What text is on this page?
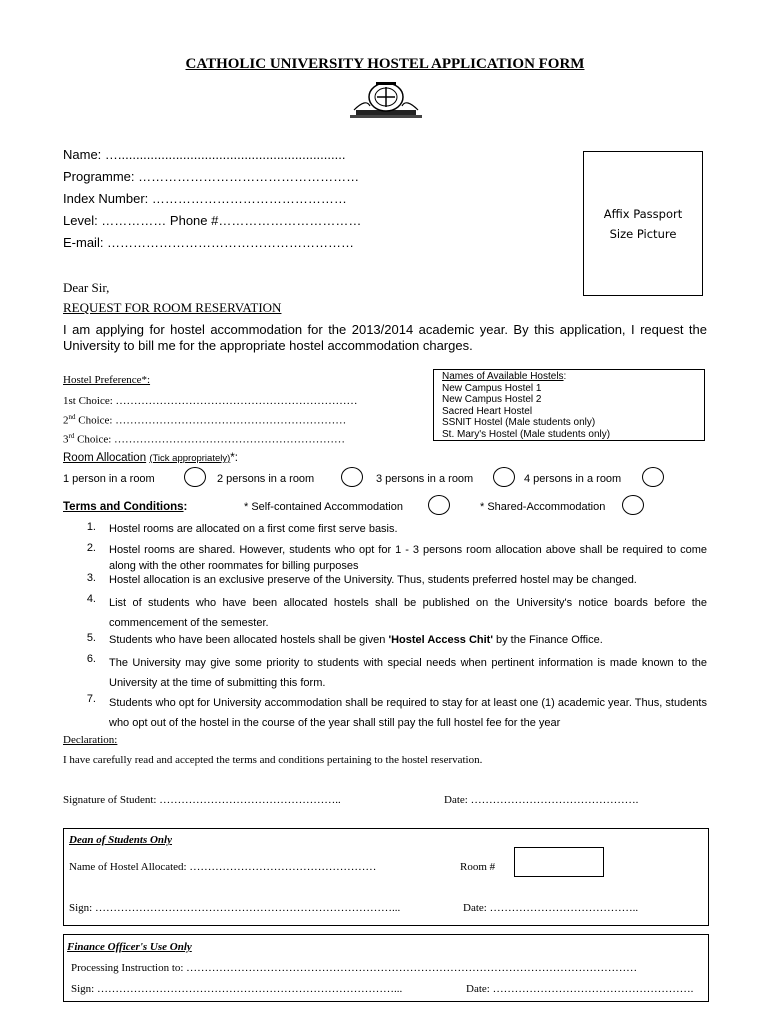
CATHOLIC UNIVERSITY HOSTEL APPLICATION FORM
Name: …...............................................................
Programme: ……………………………………………
Index Number: ………………………………………
Level: …………… Phone #……………………………
E-mail: …………………………………………………
Affix Passport
Size Picture
Dear Sir,
REQUEST FOR ROOM RESERVATION
I am applying for hostel accommodation for the 2013/2014 academic year. By this application, I request the University to bill me for the appropriate hostel accommodation charges.
Hostel Preference*:
1st Choice: …………………………………………………………
2nd Choice: ………………………………………………………
3rd Choice: ………………………………………………………
Names of Available Hostels:
New Campus Hostel 1
New Campus Hostel 2
Sacred Heart Hostel
SSNIT Hostel (Male students only)
St. Mary's Hostel (Male students only)
Room Allocation (Tick appropriately)*:
1 person in a room	2 persons in a room	3 persons in a room	4 persons in a room
Terms and Conditions:	* Self-contained Accommodation	* Shared-Accommodation
1. Hostel rooms are allocated on a first come first serve basis.
2. Hostel rooms are shared. However, students who opt for 1 - 3 persons room allocation above shall be required to come along with the other roommates for billing purposes
3. Hostel allocation is an exclusive preserve of the University. Thus, students preferred hostel may be changed.
4. List of students who have been allocated hostels shall be published on the University's notice boards before the commencement of the semester.
5. Students who have been allocated hostels shall be given 'Hostel Access Chit' by the Finance Office.
6. The University may give some priority to students with special needs when pertinent information is made known to the University at the time of submitting this form.
7. Students who opt for University accommodation shall be required to stay for at least one (1) academic year. Thus, students who opt out of the hostel in the course of the year shall still pay the full hostel fee for the year
Declaration:
I have carefully read and accepted the terms and conditions pertaining to the hostel reservation.
Signature of Student: …………………………………………..	Date: ……………………………………….
Dean of Students Only
Name of Hostel Allocated: ……………………………………………	Room #
Sign: ………………………………………………………………………...	Date: …………………………………..
Finance Officer's Use Only
Processing Instruction to: ……………………………………………………………………………………………………………
Sign: ………………………………………………………………………...	Date: ……………………………………………….
